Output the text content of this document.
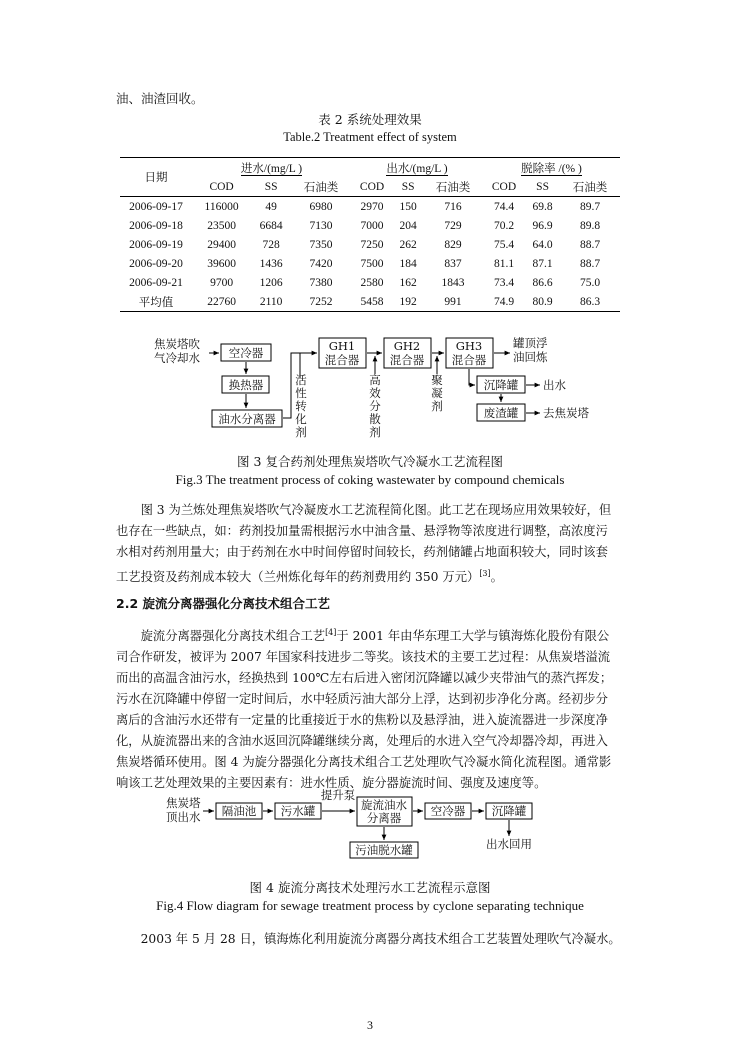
油、油渣回收。
表 2 系统处理效果
Table.2 Treatment effect of system
日期	进水/(mg/L )			出水/(mg/L )			脱除率 /(% )		
	COD	SS	石油类	COD	SS	石油类	COD	SS	石油类
2006-09-17	116000	49	6980	2970	150	716	74.4	69.8	89.7
2006-09-18	23500	6684	7130	7000	204	729	70.2	96.9	89.8
2006-09-19	29400	728	7350	7250	262	829	75.4	64.0	88.7
2006-09-20	39600	1436	7420	7500	184	837	81.1	87.1	88.7
2006-09-21	9700	1206	7380	2580	162	1843	73.4	86.6	75.0
平均值	22760	2110	7252	5458	192	991	74.9	80.9	86.3
焦炭塔吹
气冷却水	空冷器
换热器
油水分离器
GH1
混合器
GH2
混合器
GH3
混合器
沉降罐
废渣罐
罐顶浮
油回炼
出水
去焦炭塔
活
性
转
化
剂
高
效
分
散
剂
聚
凝
剂
图 3 复合药剂处理焦炭塔吹气冷凝水工艺流程图
Fig.3 The treatment process of coking wastewater by compound chemicals
图 3 为兰炼处理焦炭塔吹气冷凝废水工艺流程简化图。此工艺在现场应用效果较好，但
也存在一些缺点，如：药剂投加量需根据污水中油含量、悬浮物等浓度进行调整，高浓度污
水相对药剂用量大；由于药剂在水中时间停留时间较长，药剂储罐占地面积较大，同时该套
工艺投资及药剂成本较大（兰州炼化每年的药剂费用约 350 万元）[3]。
2.2 旋流分离器强化分离技术组合工艺
旋流分离器强化分离技术组合工艺[4]于 2001 年由华东理工大学与镇海炼化股份有限公
司合作研发，被评为 2007 年国家科技进步二等奖。该技术的主要工艺过程：从焦炭塔溢流
而出的高温含油污水，经换热到 100℃左右后进入密闭沉降罐以减少夹带油气的蒸汽挥发；
污水在沉降罐中停留一定时间后，水中轻质污油大部分上浮，达到初步净化分离。经初步分
离后的含油污水还带有一定量的比重接近于水的焦粉以及悬浮油，进入旋流器进一步深度净
化，从旋流器出来的含油水返回沉降罐继续分离，处理后的水进入空气冷却器冷却，再进入
焦炭塔循环使用。图 4 为旋分器强化分离技术组合工艺处理吹气冷凝水简化流程图。通常影
响该工艺处理效果的主要因素有：进水性质、旋分器旋流时间、强度及速度等。
焦炭塔
顶出水 隔油池 污水罐
提升泵
旋流油水
分离器	空冷器 沉降罐
污油脱水罐	出水回用
图 4 旋流分离技术处理污水工艺流程示意图
Fig.4 Flow diagram for sewage treatment process by cyclone separating technique
2003 年 5 月 28 日，镇海炼化利用旋流分离器分离技术组合工艺装置处理吹气冷凝水。
3
